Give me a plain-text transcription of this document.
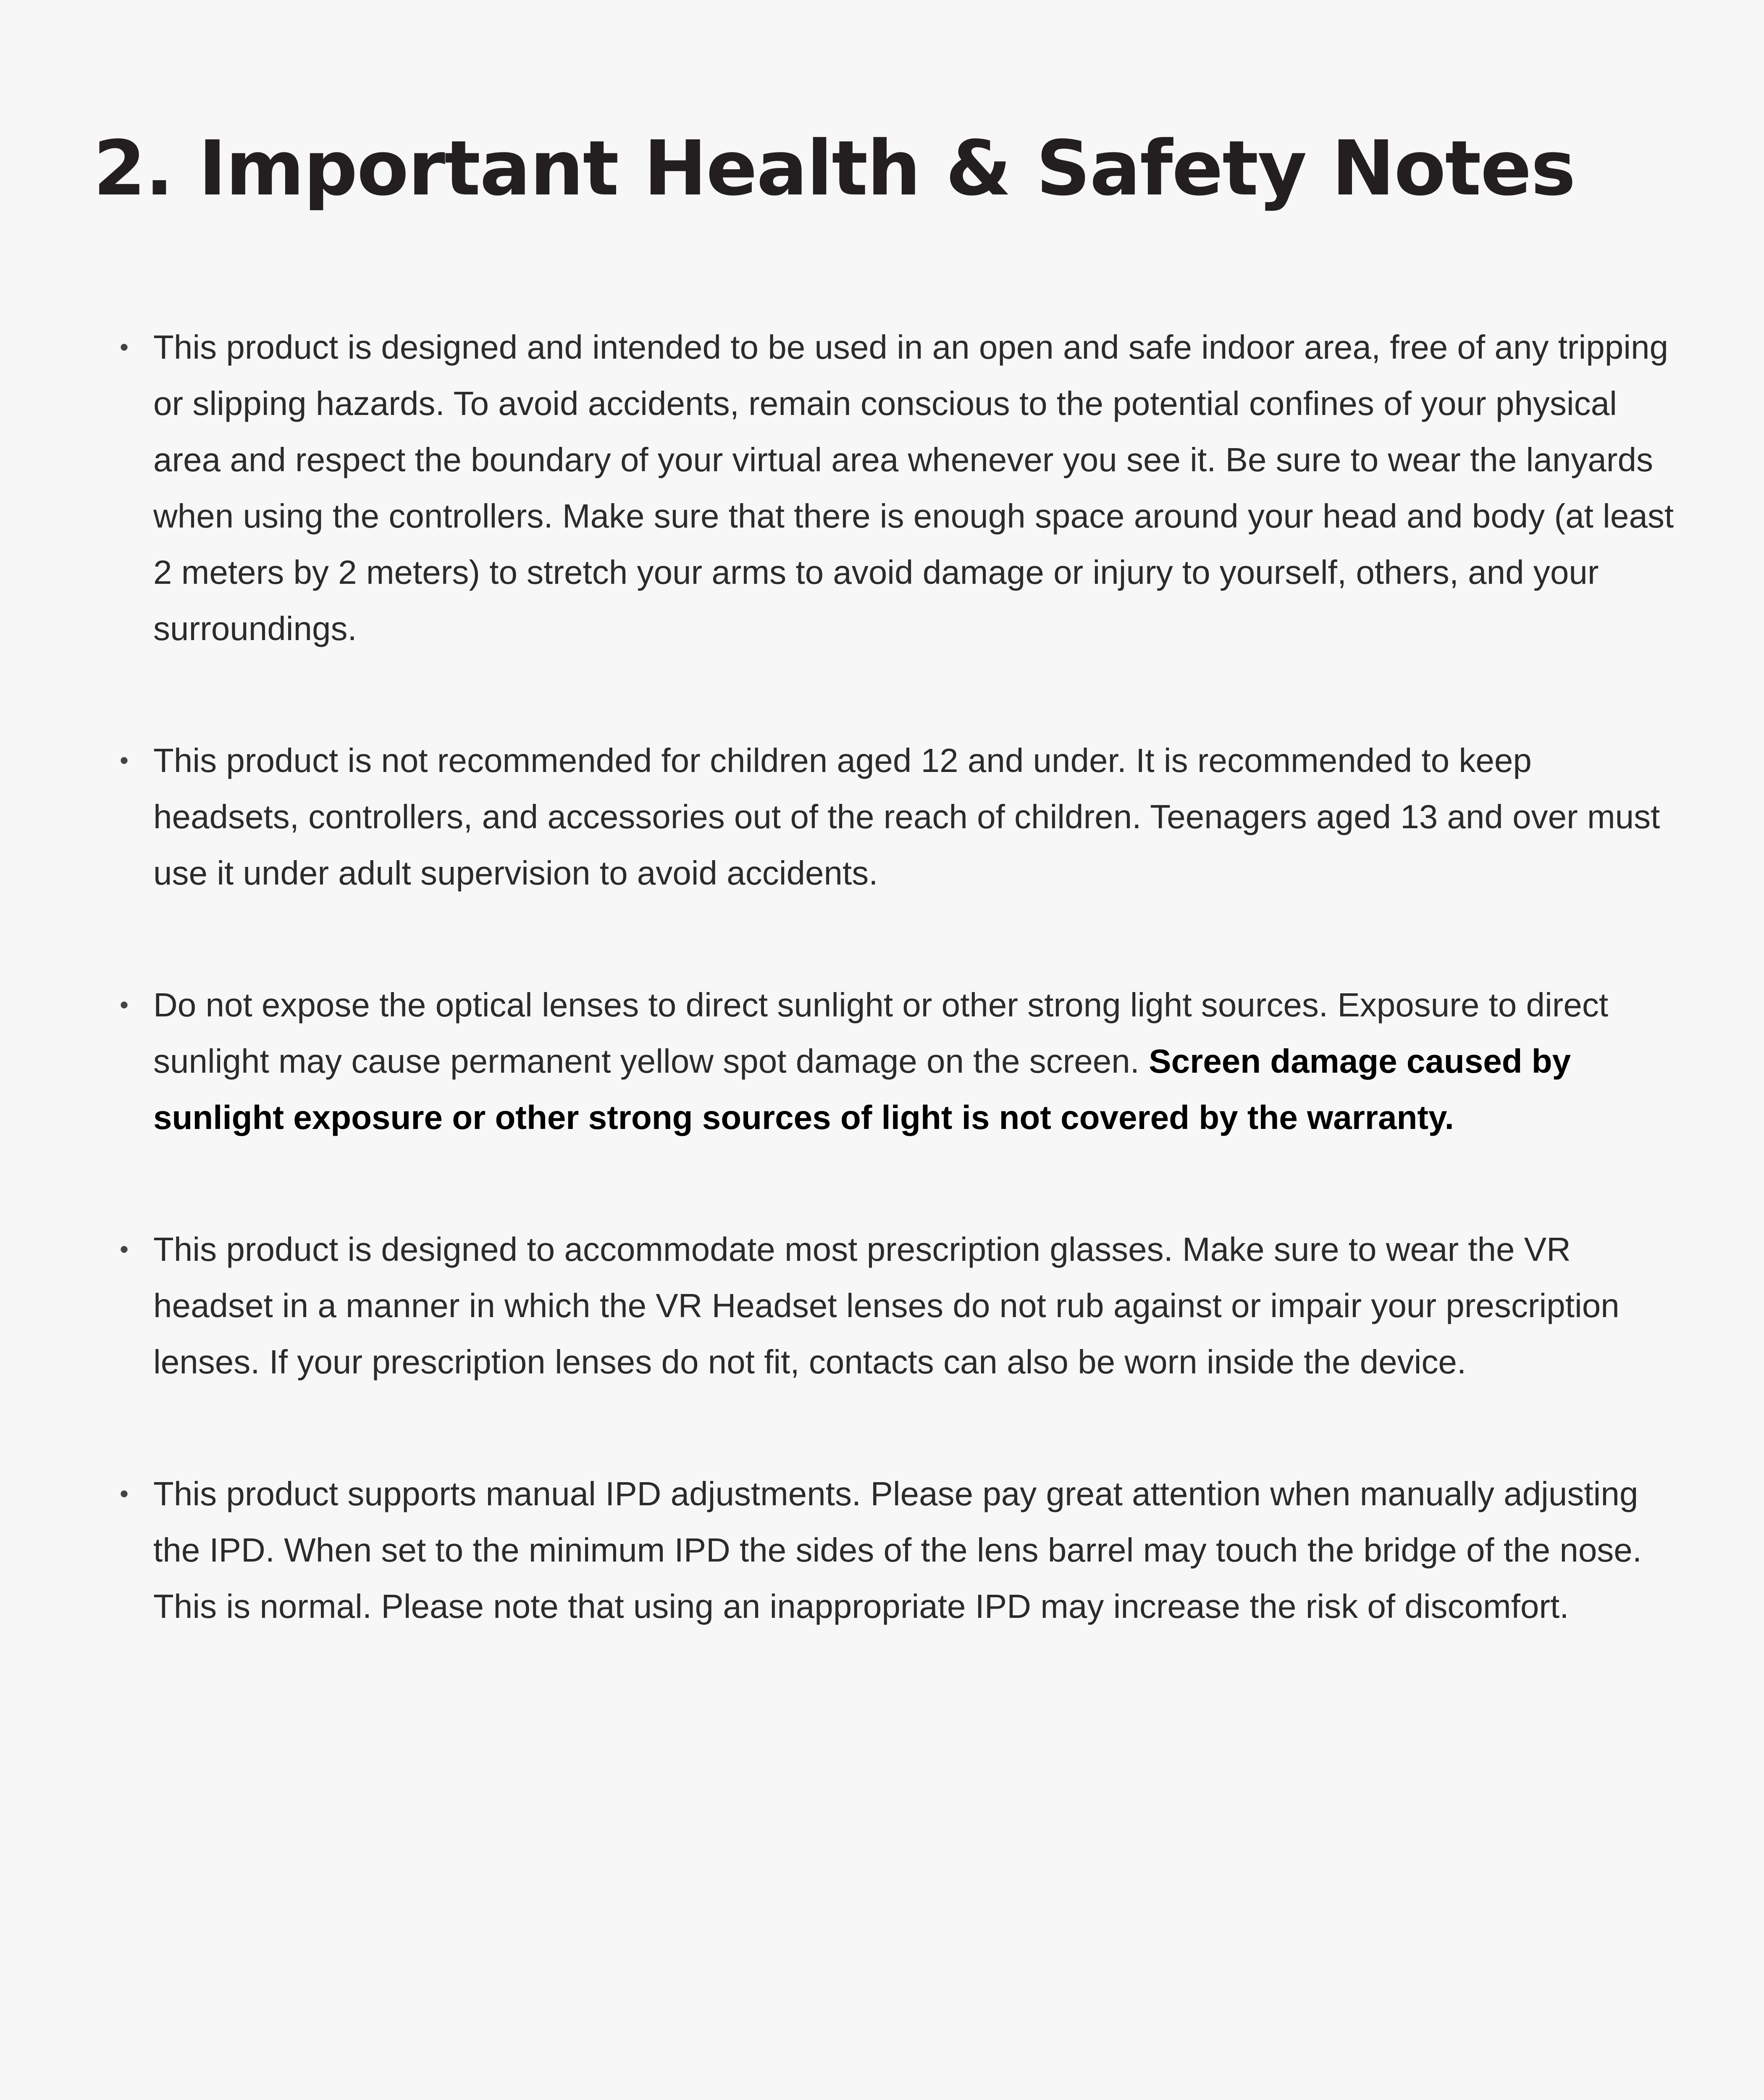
2. Important Health & Safety Notes
• This product is designed and intended to be used in an open and safe indoor area, free of any tripping or slipping hazards. To avoid accidents, remain conscious to the potential confines of your physical area and respect the boundary of your virtual area whenever you see it. Be sure to wear the lanyards when using the controllers. Make sure that there is enough space around your head and body (at least 2 meters by 2 meters) to stretch your arms to avoid damage or injury to yourself, others, and your surroundings.
• This product is not recommended for children aged 12 and under. It is recommended to keep headsets, controllers, and accessories out of the reach of children. Teenagers aged 13 and over must use it under adult supervision to avoid accidents.
• Do not expose the optical lenses to direct sunlight or other strong light sources. Exposure to direct sunlight may cause permanent yellow spot damage on the screen. Screen damage caused by sunlight exposure or other strong sources of light is not covered by the warranty.
• This product is designed to accommodate most prescription glasses. Make sure to wear the VR headset in a manner in which the VR Headset lenses do not rub against or impair your prescription lenses. If your prescription lenses do not fit, contacts can also be worn inside the device.
• This product supports manual IPD adjustments. Please pay great attention when manually adjusting the IPD. When set to the minimum IPD the sides of the lens barrel may touch the bridge of the nose. This is normal. Please note that using an inappropriate IPD may increase the risk of discomfort.
